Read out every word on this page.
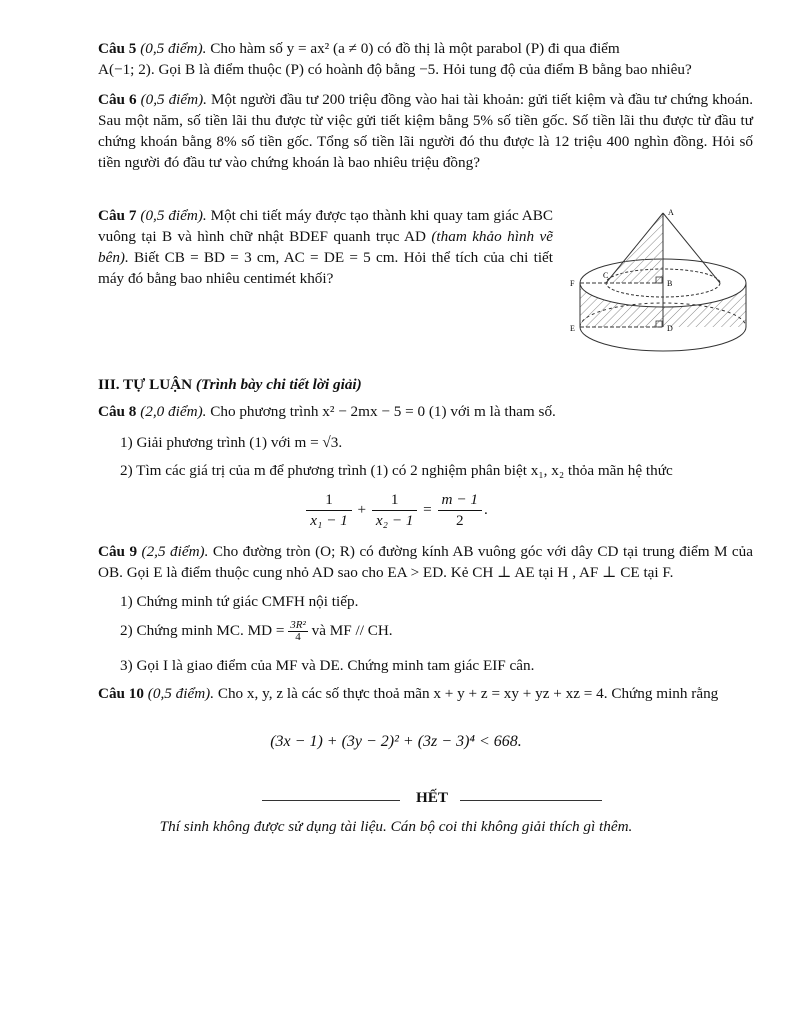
Câu 5 (0,5 điểm). Cho hàm số y = ax² (a ≠ 0) có đồ thị là một parabol (P) đi qua điểm

A(−1; 2). Gọi B là điểm thuộc (P) có hoành độ bằng −5. Hỏi tung độ của điểm B bằng bao nhiêu?

Câu 6 (0,5 điểm). Một người đầu tư 200 triệu đồng vào hai tài khoản: gửi tiết kiệm và đầu tư chứng khoán. Sau một năm, số tiền lãi thu được từ việc gửi tiết kiệm bằng 5% số tiền gốc. Số tiền lãi thu được từ đầu tư chứng khoán bằng 8% số tiền gốc. Tổng số tiền lãi người đó thu được là 12 triệu 400 nghìn đồng. Hỏi số tiền người đó đầu tư vào chứng khoán là bao nhiêu triệu đồng?

Câu 7 (0,5 điểm). Một chi tiết máy được tạo thành khi quay tam giác ABC vuông tại B và hình chữ nhật BDEF quanh trục AD (tham khảo hình vẽ bên). Biết CB = BD = 3 cm, AC = DE = 5 cm. Hỏi thể tích của chi tiết máy đó bằng bao nhiêu centimét khối?

A
B
C
D
E
F

III. TỰ LUẬN (Trình bày chi tiết lời giải)

Câu 8 (2,0 điểm). Cho phương trình x² − 2mx − 5 = 0 (1) với m là tham số.

1) Giải phương trình (1) với m = √3.
2) Tìm các giá trị của m để phương trình (1) có 2 nghiệm phân biệt x₁, x₂ thỏa mãn hệ thức
$\frac{1}{\text{x₁ − 1}} + \frac{1}{\text{x₂ − 1}} = \frac{m - 1}{2}$ .

Câu 9 (2,5 điểm). Cho đường tròn (O; R) có đường kính AB vuông góc với dây CD tại trung điểm M của OB. Gọi E là điểm thuộc cung nhỏ AD sao cho EA > ED. Kẻ CH ⊥ AE tại H , AF ⊥ CE tại F.

1) Chứng minh tứ giác CMFH nội tiếp.
2) Chứng minh MC. MD = $\frac{\text{3R²}}{4}$ và MF // CH.
3) Gọi I là giao điểm của MF và DE. Chứng minh tam giác EIF cân.

Câu 10 (0,5 điểm). Cho x, y, z là các số thực thoả mãn x + y + z = xy + yz + xz = 4. Chứng minh rằng

(3x − 1) + (3y − 2)² + (3z − 3)⁴ < 668.
HẾT
Thí sinh không được sử dụng tài liệu. Cán bộ coi thi không giải thích gì thêm.
